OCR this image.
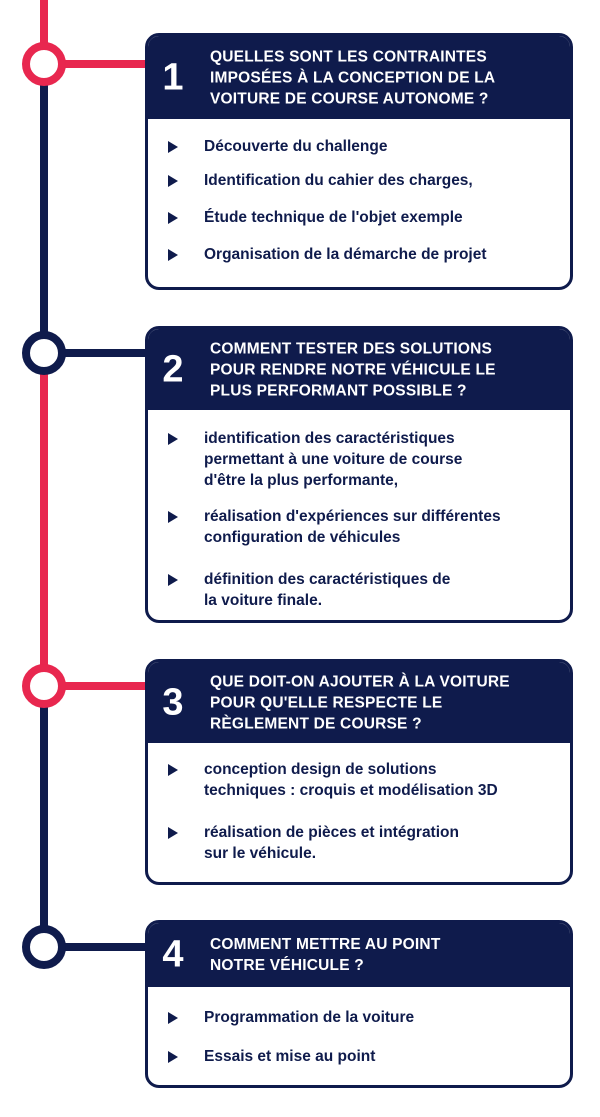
1 QUELLES SONT LES CONTRAINTES
IMPOSÉES À LA CONCEPTION DE LA
VOITURE DE COURSE AUTONOME ?
Découverte du challenge
Identification du cahier des charges,
Étude technique de l'objet exemple
Organisation de la démarche de projet
2 COMMENT TESTER DES SOLUTIONS
POUR RENDRE NOTRE VÉHICULE LE
PLUS PERFORMANT POSSIBLE ?
identification des caractéristiques
permettant à une voiture de course
d'être la plus performante,
réalisation d'expériences sur différentes
configuration de véhicules
définition des caractéristiques de
la voiture finale.
3 QUE DOIT-ON AJOUTER À LA VOITURE
POUR QU'ELLE RESPECTE LE
RÈGLEMENT DE COURSE ?
conception design de solutions
techniques : croquis et modélisation 3D
réalisation de pièces et intégration
sur le véhicule.
4 COMMENT METTRE AU POINT
NOTRE VÉHICULE ?
Programmation de la voiture
Essais et mise au point
